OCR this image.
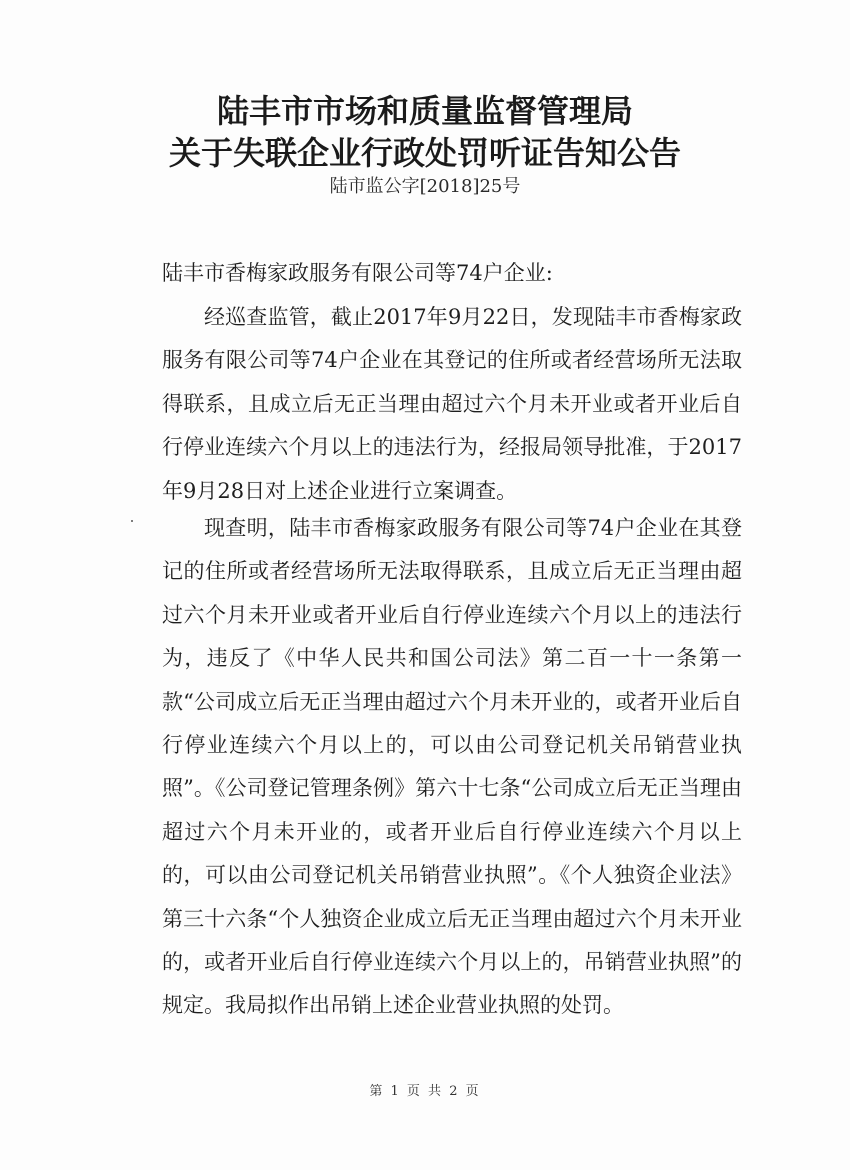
陆丰市市场和质量监督管理局
关于失联企业行政处罚听证告知公告
陆市监公字[2018]25号
陆丰市香梅家政服务有限公司等74户企业:

经巡查监管，截止2017年9月22日，发现陆丰市香梅家政服务有限公司等74户企业在其登记的住所或者经营场所无法取得联系，且成立后无正当理由超过六个月未开业或者开业后自行停业连续六个月以上的违法行为，经报局领导批准，于2017年9月28日对上述企业进行立案调查。

现查明，陆丰市香梅家政服务有限公司等74户企业在其登记的住所或者经营场所无法取得联系，且成立后无正当理由超过六个月未开业或者开业后自行停业连续六个月以上的违法行为，违反了《中华人民共和国公司法》第二百一十一条第一款“公司成立后无正当理由超过六个月未开业的，或者开业后自行停业连续六个月以上的，可以由公司登记机关吊销营业执照”。《公司登记管理条例》第六十七条“公司成立后无正当理由超过六个月未开业的，或者开业后自行停业连续六个月以上的，可以由公司登记机关吊销营业执照”。《个人独资企业法》第三十六条“个人独资企业成立后无正当理由超过六个月未开业的，或者开业后自行停业连续六个月以上的，吊销营业执照”的规定。我局拟作出吊销上述企业营业执照的处罚。

第 1 页 共 2 页
